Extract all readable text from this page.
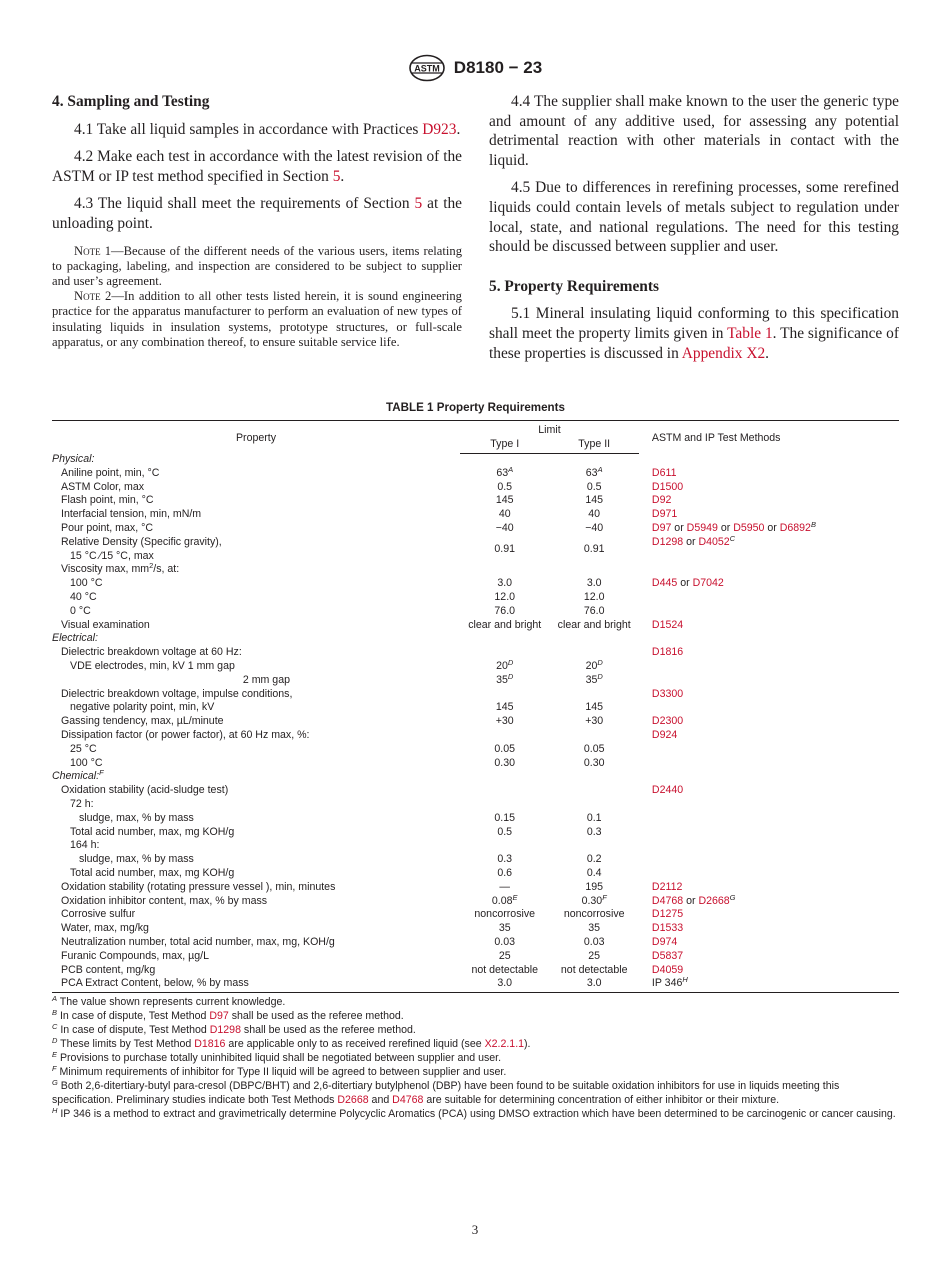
ASTM D8180 − 23
4. Sampling and Testing

4.1 Take all liquid samples in accordance with Practices D923.

4.2 Make each test in accordance with the latest revision of the ASTM or IP test method specified in Section 5.

4.3 The liquid shall meet the requirements of Section 5 at the unloading point.

Note 1—Because of the different needs of the various users, items relating to packaging, labeling, and inspection are considered to be subject to supplier and user’s agreement.

Note 2—In addition to all other tests listed herein, it is sound engineering practice for the apparatus manufacturer to perform an evaluation of new types of insulating liquids in insulation systems, prototype structures, or full-scale apparatus, or any combination thereof, to ensure suitable service life.

4.4 The supplier shall make known to the user the generic type and amount of any additive used, for assessing any potential detrimental reaction with other materials in contact with the liquid.

4.5 Due to differences in rerefining processes, some rerefined liquids could contain levels of metals subject to regulation under local, state, and national regulations. The need for this testing should be discussed between supplier and user.

5. Property Requirements

5.1 Mineral insulating liquid conforming to this specification shall meet the property limits given in Table 1. The significance of these properties is discussed in Appendix X2.

TABLE 1 Property Requirements
Property	Limit		ASTM and IP Test Methods
	Type I	Type II	
Physical:			
Aniline point, min, °C	$63^A$	$63^A$	D611
ASTM Color, max	0.5	0.5	D1500
Flash point, min, °C	145	145	D92
Interfacial tension, min, mN/m	40	40	D971
Pour point, max, °C	−40	−40	D97 or D5949 or D5950 or $D6892^B$

Relative Density (Specific gravity),
15 °C ⁄15 °C, max	0.91	0.91	D1298 or $D4052^C$
Viscosity max, $mm^2/s$, at:			
100 °C	3.0	3.0	D445 or D7042
40 °C	12.0	12.0	
0 °C	76.0	76.0	
Visual examination	clear and bright	clear and bright	D1524
Electrical:			
Dielectric breakdown voltage at 60 Hz:			D1816
VDE electrodes, min, kV 1 mm gap	$20^D$	$20^D$	
2 mm gap	$35^D$	$35^D$	
Dielectric breakdown voltage, impulse conditions,			D3300
negative polarity point, min, kV	145	145	
Gassing tendency, max, µL/minute	+30	+30	D2300
Dissipation factor (or power factor), at 60 Hz max, %:			D924
25 °C	0.05	0.05	
100 °C	0.30	0.30	
Chemical:$^F$			
Oxidation stability (acid-sludge test)			D2440
72 h:			
sludge, max, % by mass	0.15	0.1	
Total acid number, max, mg KOH/g	0.5	0.3	
164 h:			
sludge, max, % by mass	0.3	0.2	
Total acid number, max, mg KOH/g	0.6	0.4	
Oxidation stability (rotating pressure vessel ), min, minutes	—	195	D2112
Oxidation inhibitor content, max, % by mass	$0.08^E$	$0.30^F$	D4768 or $D2668^G$
Corrosive sulfur	noncorrosive	noncorrosive	D1275
Water, max, mg/kg	35	35	D1533
Neutralization number, total acid number, max, mg, KOH/g	0.03	0.03	D974
Furanic Compounds, max, µg/L	25	25	D5837
PCB content, mg/kg	not detectable	not detectable	D4059
PCA Extract Content, below, % by mass	3.0	3.0	IP $346^H$
$^A$ The value shown represents current knowledge.
$^B$ In case of dispute, Test Method D97 shall be used as the referee method.
$^C$ In case of dispute, Test Method D1298 shall be used as the referee method.
$^D$ These limits by Test Method D1816 are applicable only to as received rerefined liquid (see X2.2.1.1).
$^E$ Provisions to purchase totally uninhibited liquid shall be negotiated between supplier and user.
$^F$ Minimum requirements of inhibitor for Type II liquid will be agreed to between supplier and user.
$^G$ Both 2,6-ditertiary-butyl para-cresol (DBPC/BHT) and 2,6-ditertiary butylphenol (DBP) have been found to be suitable oxidation inhibitors for use in liquids meeting this specification. Preliminary studies indicate both Test Methods D2668 and D4768 are suitable for determining concentration of either inhibitor or their mixture.
$^H$ IP 346 is a method to extract and gravimetrically determine Polycyclic Aromatics (PCA) using DMSO extraction which have been determined to be carcinogenic or cancer causing.
3
